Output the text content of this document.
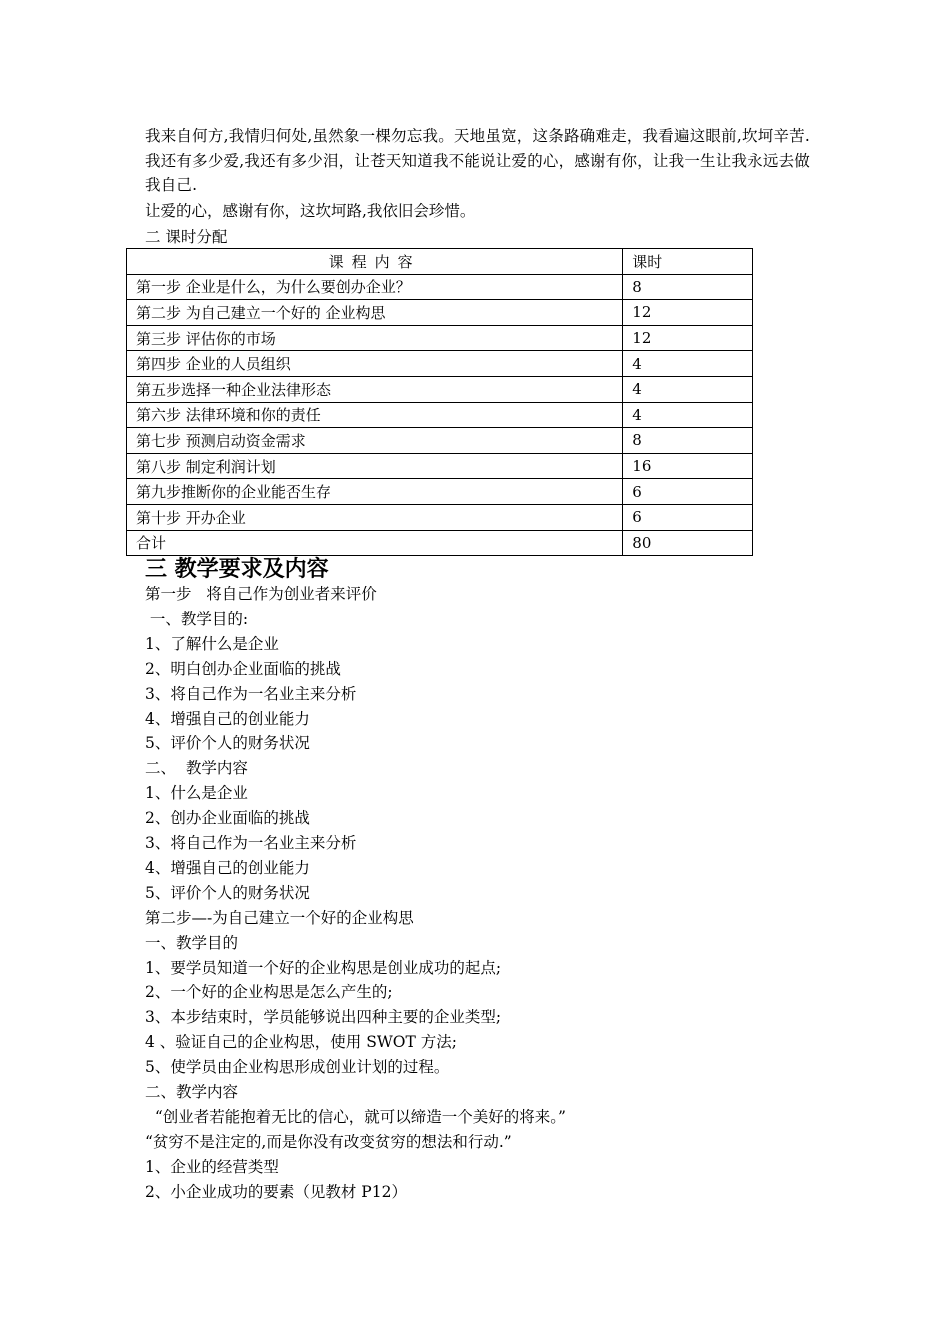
我来自何方,我情归何处,虽然象一棵勿忘我。天地虽宽，这条路确难走，我看遍这眼前,坎坷辛苦.我还有多少爱,我还有多少泪，让苍天知道我不能说让爱的心，感谢有你，让我一生让我永远去做我自己.
让爱的心，感谢有你，这坎坷路,我依旧会珍惜。
二 课时分配
课程内容	课时
第一步 企业是什么，为什么要创办企业？	8
第二步 为自己建立一个好的 企业构思	12
第三步 评估你的市场	12
第四步 企业的人员组织	4
第五步选择一种企业法律形态	4
第六步 法律环境和你的责任	4
第七步 预测启动资金需求	8
第八步 制定利润计划	16
第九步推断你的企业能否生存	6
第十步 开办企业	6
合计	80
三 教学要求及内容
第一步   将自己作为创业者来评价
一、教学目的:
1、了解什么是企业
2、明白创办企业面临的挑战
3、将自己作为一名业主来分析
4、增强自己的创业能力
5、评价个人的财务状况
二、  教学内容
1、什么是企业
2、创办企业面临的挑战
3、将自己作为一名业主来分析
4、增强自己的创业能力
5、评价个人的财务状况
第二步—-为自己建立一个好的企业构思
一、教学目的
1、要学员知道一个好的企业构思是创业成功的起点;
2、一个好的企业构思是怎么产生的;
3、本步结束时，学员能够说出四种主要的企业类型;
4 、验证自己的企业构思，使用 SWOT 方法;
5、使学员由企业构思形成创业计划的过程。
二、教学内容
“创业者若能抱着无比的信心，就可以缔造一个美好的将来。”
“贫穷不是注定的,而是你没有改变贫穷的想法和行动.”
1、企业的经营类型
2、小企业成功的要素（见教材 P12）
